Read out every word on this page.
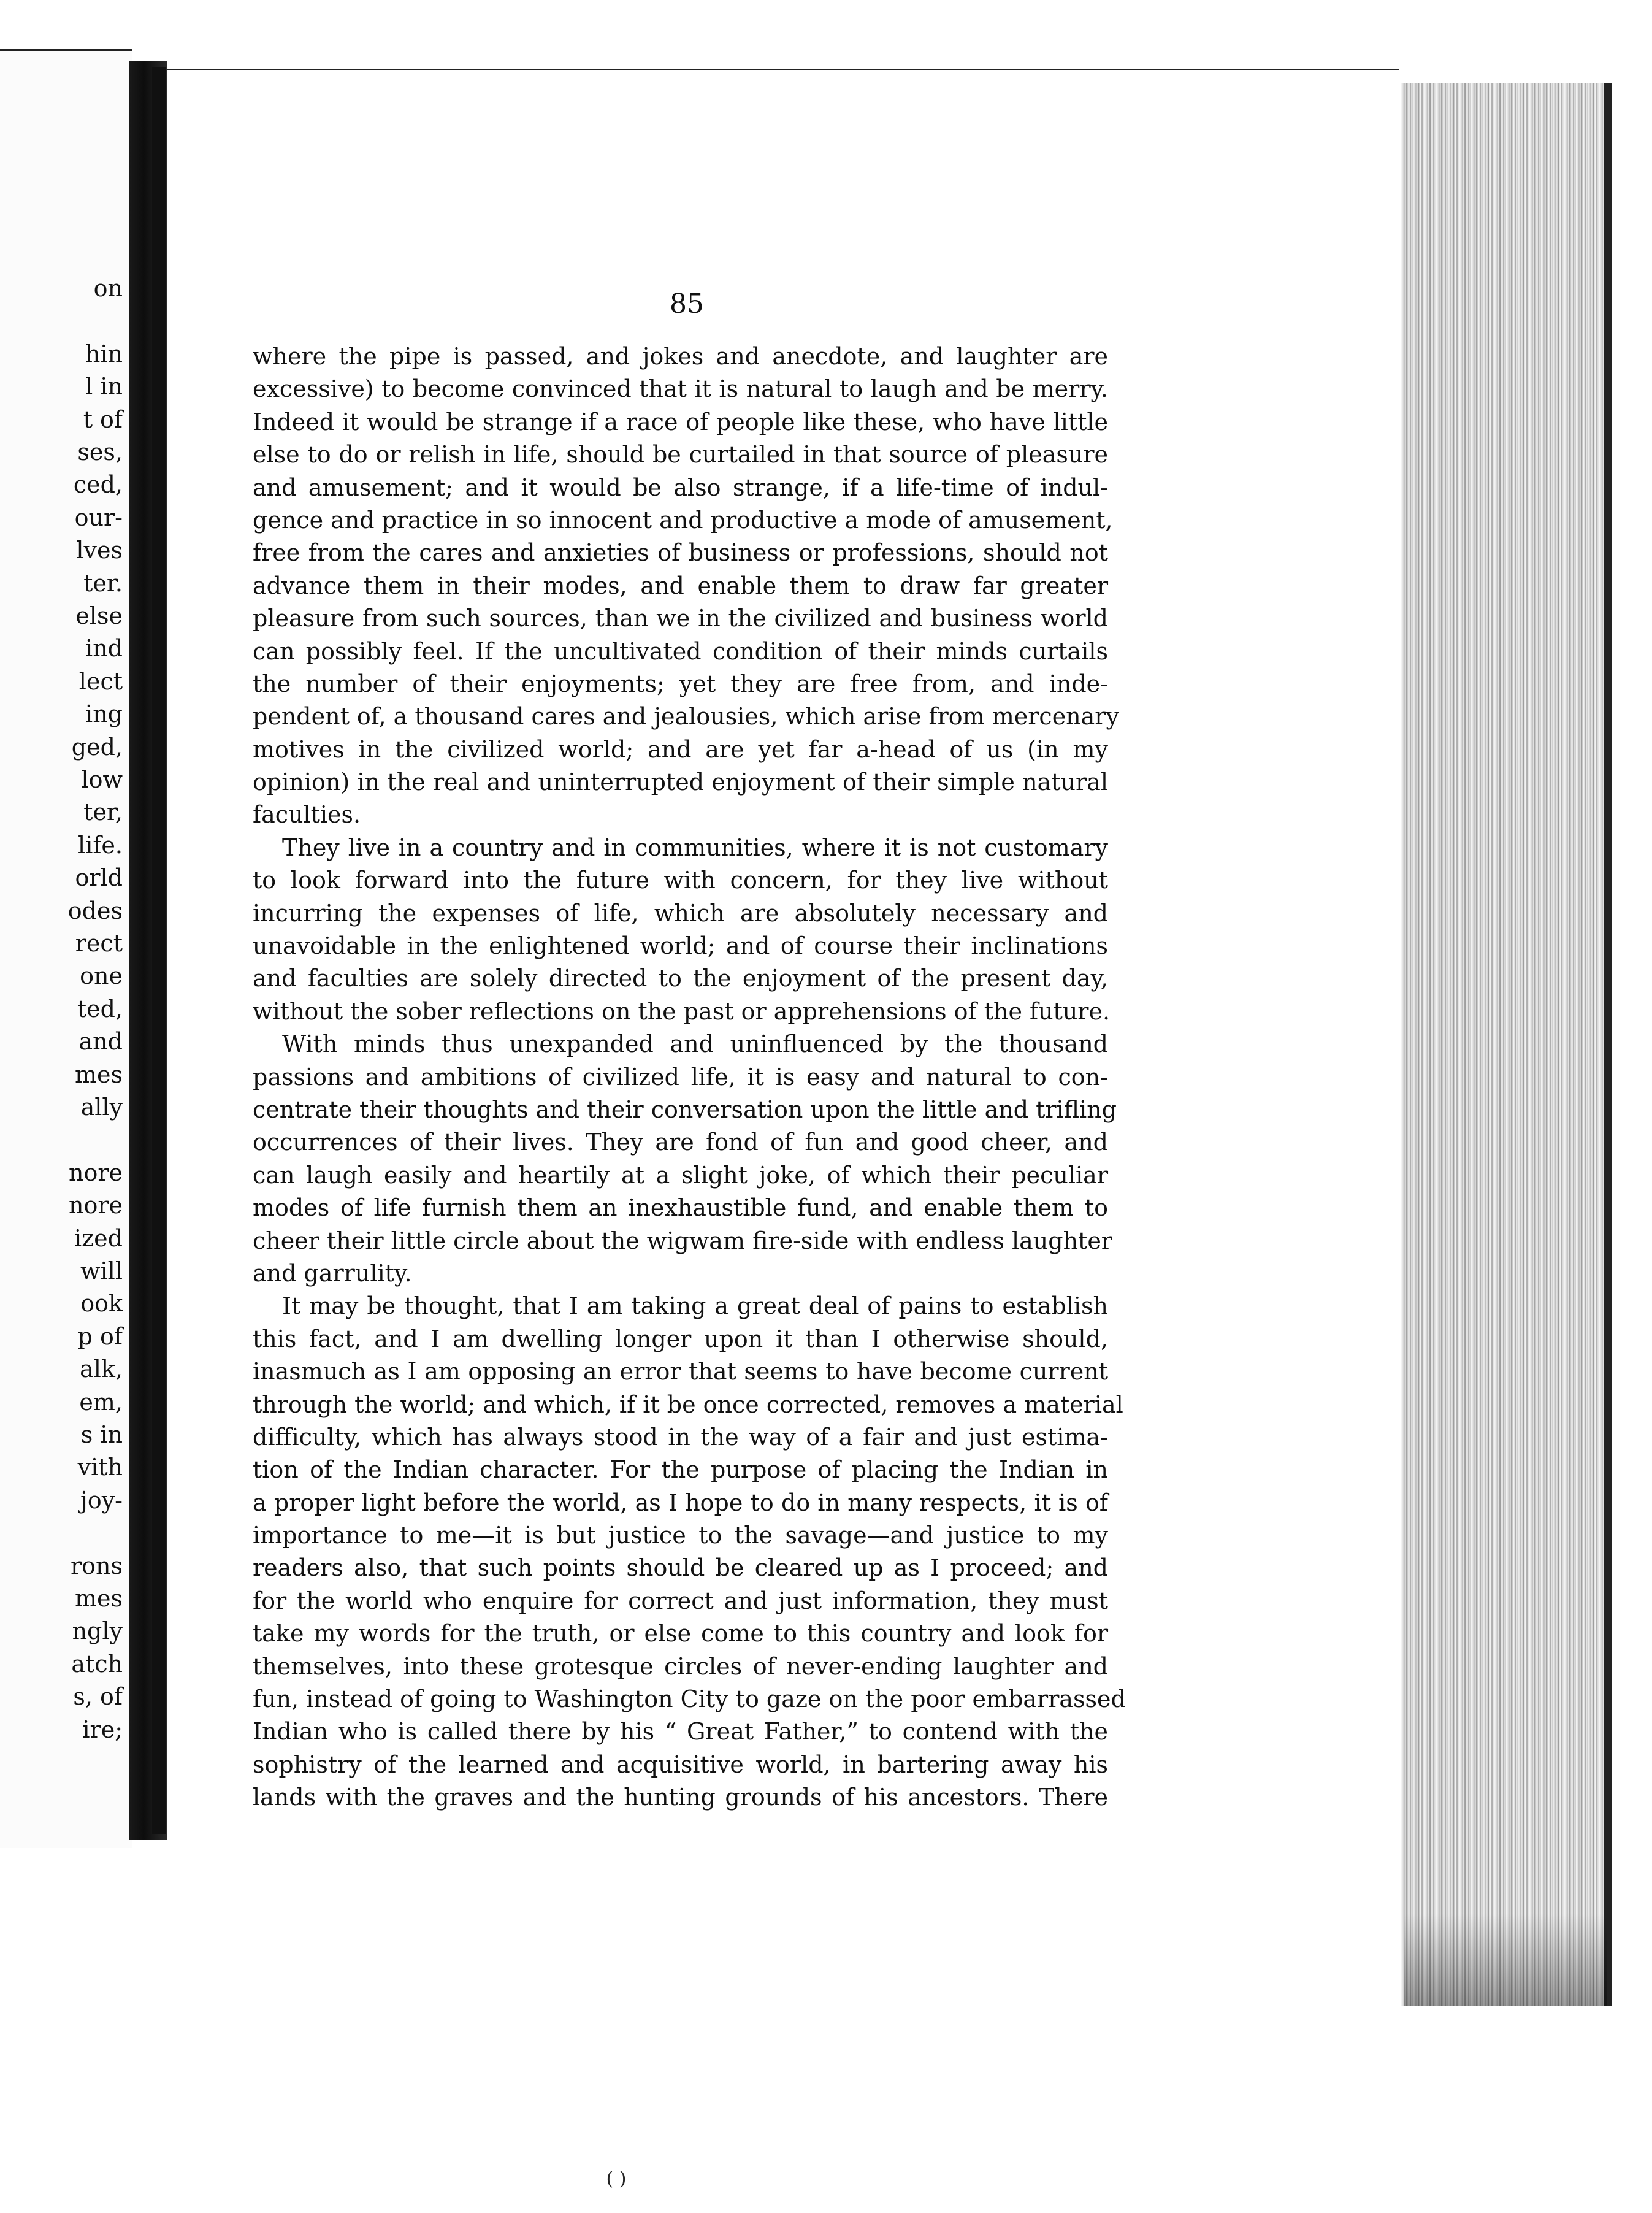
on
hin
l in
t of
ses,
ced,
our-
lves
ter.
else
ind
lect
ing
ged,
low
ter,
life.
orld
odes
rect
one
ted,
and
mes
ally
nore
nore
ized
will
ook
p of
alk,
em,
s in
vith
joy-
rons
mes
ngly
atch
s, of
ire;
85
where the pipe is passed, and jokes and anecdote, and laughter are
excessive) to become convinced that it is natural to laugh and be merry.
Indeed it would be strange if a race of people like these, who have little
else to do or relish in life, should be curtailed in that source of pleasure
and amusement; and it would be also strange, if a life-time of indul-
gence and practice in so innocent and productive a mode of amusement,
free from the cares and anxieties of business or professions, should not
advance them in their modes, and enable them to draw far greater
pleasure from such sources, than we in the civilized and business world
can possibly feel. If the uncultivated condition of their minds curtails
the number of their enjoyments; yet they are free from, and inde-
pendent of, a thousand cares and jealousies, which arise from mercenary
motives in the civilized world; and are yet far a-head of us (in my
opinion) in the real and uninterrupted enjoyment of their simple natural
faculties.
They live in a country and in communities, where it is not customary
to look forward into the future with concern, for they live without
incurring the expenses of life, which are absolutely necessary and
unavoidable in the enlightened world; and of course their inclinations
and faculties are solely directed to the enjoyment of the present day,
without the sober reflections on the past or apprehensions of the future.
With minds thus unexpanded and uninfluenced by the thousand
passions and ambitions of civilized life, it is easy and natural to con-
centrate their thoughts and their conversation upon the little and trifling
occurrences of their lives. They are fond of fun and good cheer, and
can laugh easily and heartily at a slight joke, of which their peculiar
modes of life furnish them an inexhaustible fund, and enable them to
cheer their little circle about the wigwam fire-side with endless laughter
and garrulity.
It may be thought, that I am taking a great deal of pains to establish
this fact, and I am dwelling longer upon it than I otherwise should,
inasmuch as I am opposing an error that seems to have become current
through the world; and which, if it be once corrected, removes a material
difficulty, which has always stood in the way of a fair and just estima-
tion of the Indian character. For the purpose of placing the Indian in
a proper light before the world, as I hope to do in many respects, it is of
importance to me—it is but justice to the savage—and justice to my
readers also, that such points should be cleared up as I proceed; and
for the world who enquire for correct and just information, they must
take my words for the truth, or else come to this country and look for
themselves, into these grotesque circles of never-ending laughter and
fun, instead of going to Washington City to gaze on the poor embarrassed
Indian who is called there by his “ Great Father,” to contend with the
sophistry of the learned and acquisitive world, in bartering away his
lands with the graves and the hunting grounds of his ancestors. There
( )
